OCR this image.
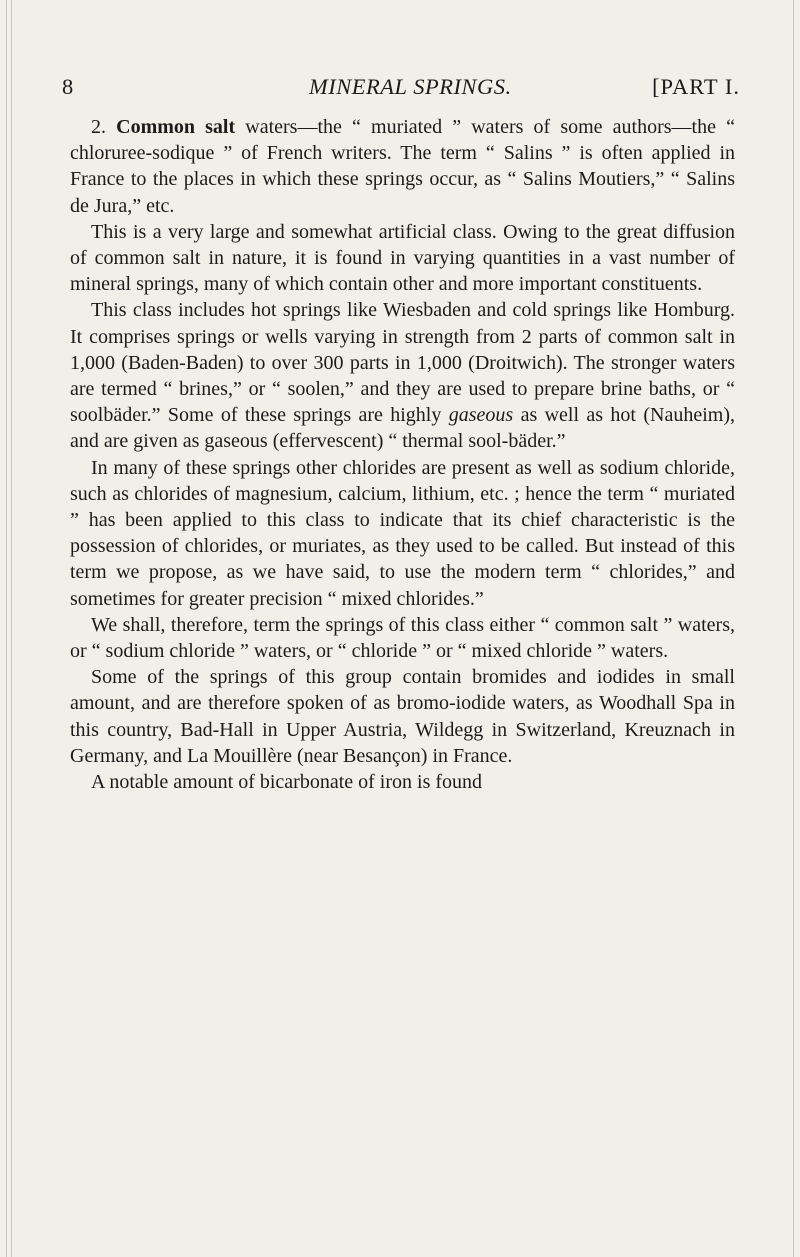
8	MINERAL SPRINGS.	[PART I.

2. Common salt waters—the “ muriated ” waters of some authors—the “ chloruree-sodique ” of French writers. The term “ Salins ” is often applied in France to the places in which these springs occur, as “ Salins Moutiers,” “ Salins de Jura,” etc.

This is a very large and somewhat artificial class. Owing to the great diffusion of common salt in nature, it is found in varying quantities in a vast number of mineral springs, many of which contain other and more important constituents.

This class includes hot springs like Wiesbaden and cold springs like Homburg. It comprises springs or wells varying in strength from 2 parts of common salt in 1,000 (Baden-Baden) to over 300 parts in 1,000 (Droitwich). The stronger waters are termed “ brines,” or “ soolen,” and they are used to prepare brine baths, or “ soolbäder.” Some of these springs are highly gaseous as well as hot (Nauheim), and are given as gaseous (effervescent) “ thermal sool-bäder.”

In many of these springs other chlorides are present as well as sodium chloride, such as chlorides of magnesium, calcium, lithium, etc. ; hence the term “ muriated ” has been applied to this class to indicate that its chief characteristic is the possession of chlorides, or muriates, as they used to be called. But instead of this term we propose, as we have said, to use the modern term “ chlorides,” and sometimes for greater precision “ mixed chlorides.”

We shall, therefore, term the springs of this class either “ common salt ” waters, or “ sodium chloride ” waters, or “ chloride ” or “ mixed chloride ” waters.

Some of the springs of this group contain bromides and iodides in small amount, and are therefore spoken of as bromo-iodide waters, as Woodhall Spa in this country, Bad-Hall in Upper Austria, Wildegg in Switzerland, Kreuznach in Germany, and La Mouillère (near Besançon) in France.

A notable amount of bicarbonate of iron is found
